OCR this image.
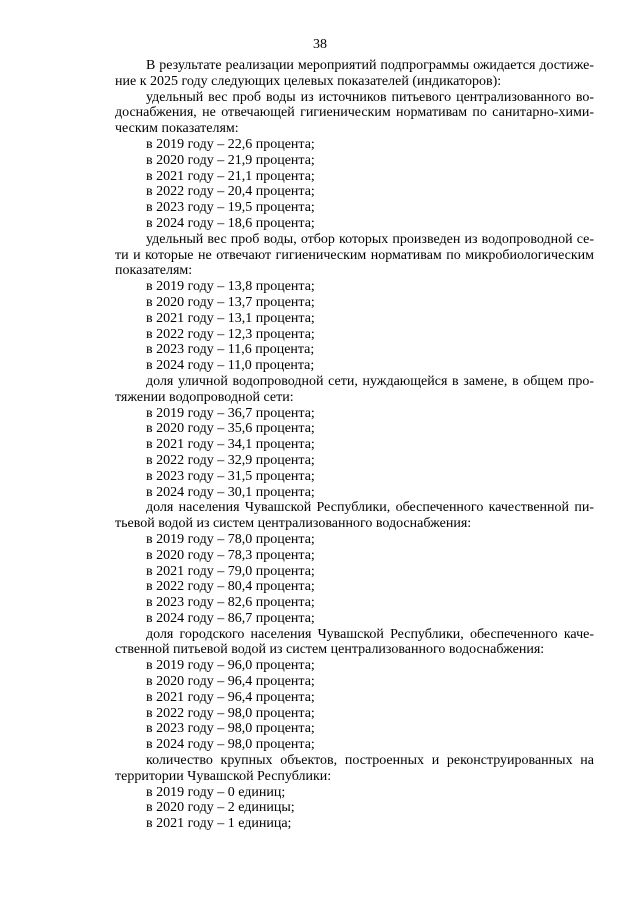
38
В результате реализации мероприятий подпрограммы ожидается достиже-
ние к 2025 году следующих целевых показателей (индикаторов):
удельный вес проб воды из источников питьевого централизованного во-
доснабжения, не отвечающей гигиеническим нормативам по санитарно-хими-
ческим показателям:
в 2019 году – 22,6 процента;
в 2020 году – 21,9 процента;
в 2021 году – 21,1 процента;
в 2022 году – 20,4 процента;
в 2023 году – 19,5 процента;
в 2024 году – 18,6 процента;
удельный вес проб воды, отбор которых произведен из водопроводной се-
ти и которые не отвечают гигиеническим нормативам по микробиологическим
показателям:
в 2019 году – 13,8 процента;
в 2020 году – 13,7 процента;
в 2021 году – 13,1 процента;
в 2022 году – 12,3 процента;
в 2023 году – 11,6 процента;
в 2024 году – 11,0 процента;
доля уличной водопроводной сети, нуждающейся в замене, в общем про-
тяжении водопроводной сети:
в 2019 году – 36,7 процента;
в 2020 году – 35,6 процента;
в 2021 году – 34,1 процента;
в 2022 году – 32,9 процента;
в 2023 году – 31,5 процента;
в 2024 году – 30,1 процента;
доля населения Чувашской Республики, обеспеченного качественной пи-
тьевой водой из систем централизованного водоснабжения:
в 2019 году – 78,0 процента;
в 2020 году – 78,3 процента;
в 2021 году – 79,0 процента;
в 2022 году – 80,4 процента;
в 2023 году – 82,6 процента;
в 2024 году – 86,7 процента;
доля городского населения Чувашской Республики, обеспеченного каче-
ственной питьевой водой из систем централизованного водоснабжения:
в 2019 году – 96,0 процента;
в 2020 году – 96,4 процента;
в 2021 году – 96,4 процента;
в 2022 году – 98,0 процента;
в 2023 году – 98,0 процента;
в 2024 году – 98,0 процента;
количество крупных объектов, построенных и реконструированных на
территории Чувашской Республики:
в 2019 году – 0 единиц;
в 2020 году – 2 единицы;
в 2021 году – 1 единица;
